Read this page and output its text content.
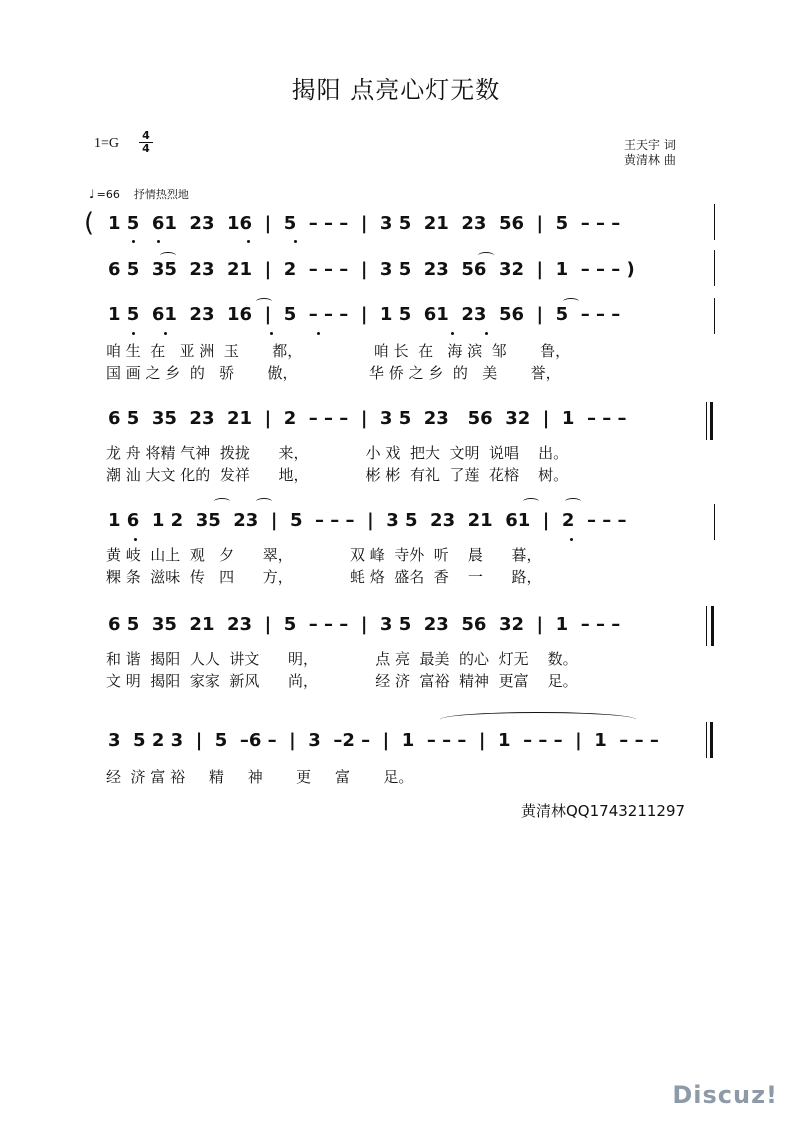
揭阳 点亮心灯无数
1=G
4
4	王天宇 词
黄清林 曲
♩ =66 抒情热烈地
( 1 5  61  23  16  |  5  – – –  |  3 5  21  23  56  |  5  – – –
6 5  35  23  21  |  2  – – –  |  3 5  23  56  32  |  1  – – – )
1 5  61  23  16  |  5  – – –  |  1 5  61  23  56  |  5  – – –
咱 生  在   亚 洲  玉       都，               咱 长  在   海 滨  邹       鲁，
国 画 之 乡  的   骄       傲，               华 侨 之 乡  的   美       誉，
6 5  35  23  21  |  2  – – –  |  3 5  23   56  32  |  1  – – –
龙 舟 将精 气神  拨拢      来，            小 戏  把大  文明  说唱    出。
潮 汕 大文 化的  发祥      地，            彬 彬  有礼  了莲  花榕    树。
1 6  1 2  35  23  |  5  – – –  |  3 5  23  21  61  |  2  – – –
黄 岐  山上  观   夕      翠，            双 峰  寺外  听    晨      暮，
粿 条  滋味  传   四      方，            蚝 烙  盛名  香    一      路，
6 5  35  21  23  |  5  – – –  |  3 5  23  56  32  |  1  – – –
和 谐  揭阳  人人  讲文      明，            点 亮  最美  的心  灯无    数。
文 明  揭阳  家家  新风      尚，            经 济  富裕  精神  更富    足。
3  5 2 3  |  5  –6 –  |  3  –2 –  |  1  – – –  |  1  – – –  |  1  – – –
经  济 富 裕     精     神       更     富       足。
黄清林QQ1743211297
Discuz!
